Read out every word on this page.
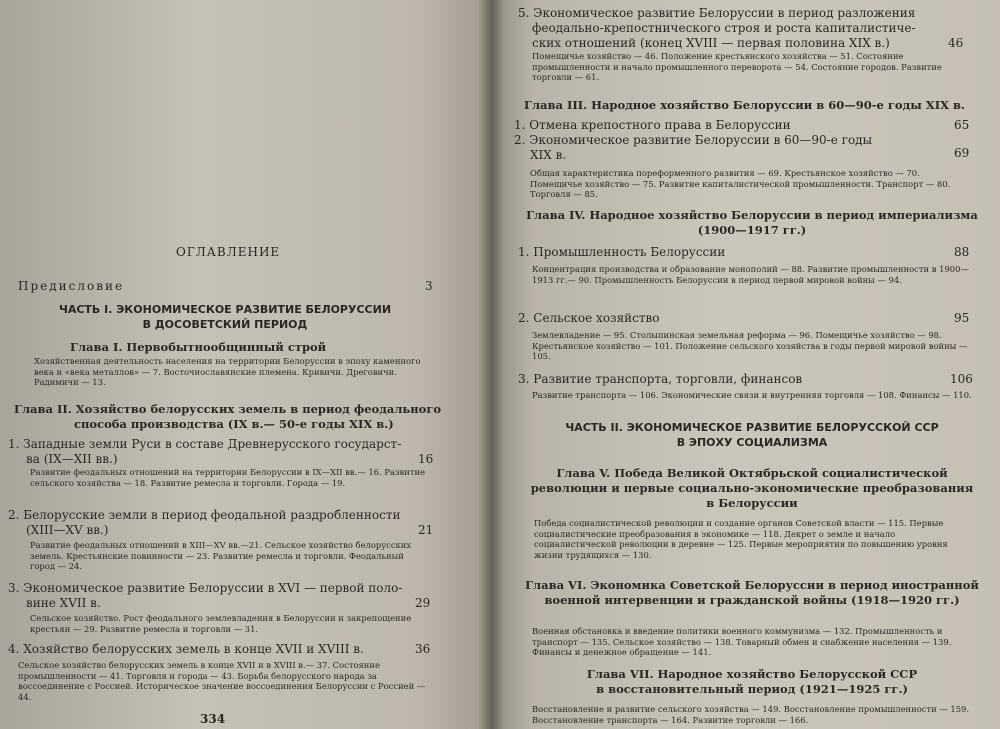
ОГЛАВЛЕНИЕ
Предисловие	3
ЧАСТЬ I. ЭКОНОМИЧЕСКОЕ РАЗВИТИЕ БЕЛОРУССИИ
В ДОСОВЕТСКИЙ ПЕРИОД
Глава I. Первобытнообщинный строй
Хозяйственная деятельность населения на территории Белоруссии в эпоху каменного века и «века металлов» — 7. Восточнославянские племена. Кривичи. Дреговичи. Радимичи — 13.
Глава II. Хозяйство белорусских земель в период феодального
способа производства (IX в.— 50-е годы XIX в.)
1. Западные земли Руси в составе Древнерусского государст-
ва (IX—XII вв.)	16
Развитие феодальных отношений на территории Белоруссии в IX—XII вв.— 16. Развитие сельского хозяйства — 18. Развитие ремесла и торговли. Города — 19.
2. Белорусские земли в период феодальной раздробленности
(XIII—XV вв.)	21
Развитие феодальных отношений в XIII—XV вв.—21. Сельское хозяйство белорусских земель. Крестьянские повинности — 23. Развитие ремесла и торговли. Феодальный город — 24.
3. Экономическое развитие Белоруссии в XVI — первой поло-
вине XVII в.	29
Сельское хозяйство. Рост феодального землевладения в Белоруссии и закрепощение крестьян — 29. Развитие ремесла и торговли — 31.
4. Хозяйство белорусских земель в конце XVII и XVIII в.	36
Сельское хозяйство белорусских земель в конце XVII и в XVIII в.— 37. Состояние промышленности — 41. Торговля и города — 43. Борьба белорусского народа за воссоединение с Россией. Историческое значение воссоединения Белоруссии с Россией — 44.
334
5. Экономическое развитие Белоруссии в период разложения
феодально-крепостнического строя и роста капиталистиче-
ских отношений (конец XVIII — первая половина XIX в.)	46
Помещичье хозяйство — 46. Положение крестьянского хозяйства — 51. Состояние промышленности и начало промышленного переворота — 54. Состояние городов. Развитие торговли — 61.
Глава III. Народное хозяйство Белоруссии в 60—90-е годы XIX в.
1. Отмена крепостного права в Белоруссии	65
2. Экономическое развитие Белоруссии в 60—90-е годы
XIX в.	69
Общая характеристика пореформенного развития — 69. Крестьянское хозяйство — 70. Помещичье хозяйство — 75. Развитие капиталистической промышленности. Транспорт — 80. Торговля — 85.
Глава IV. Народное хозяйство Белоруссии в период империализма
(1900—1917 гг.)
1. Промышленность Белоруссии	88
Концентрация производства и образование монополий — 88. Развитие промышленности в 1900—1913 гг.— 90. Промышленность Белоруссии в период первой мировой войны — 94.
2. Сельское хозяйство	95
Землевладение — 95. Столыпинская земельная реформа — 96. Помещичье хозяйство — 98. Крестьянское хозяйство — 101. Положение сельского хозяйства в годы первой мировой войны — 105.
3. Развитие транспорта, торговли, финансов	106
Развитие транспорта — 106. Экономические связи и внутренняя торговля — 108. Финансы — 110.
ЧАСТЬ II. ЭКОНОМИЧЕСКОЕ РАЗВИТИЕ БЕЛОРУССКОЙ ССР
В ЭПОХУ СОЦИАЛИЗМА
Глава V. Победа Великой Октябрьской социалистической
революции и первые социально-экономические преобразования
в Белоруссии
Победа социалистической революции и создание органов Советской власти — 115. Первые социалистические преобразования в экономике — 118. Декрет о земле и начало социалистической революции в деревне — 125. Первые мероприятия по повышению уровня жизни трудящихся — 130.
Глава VI. Экономика Советской Белоруссии в период иностранной
военной интервенции и гражданской войны (1918—1920 гг.)
Военная обстановка и введение политики военного коммунизма — 132. Промышленность и транспорт — 135. Сельское хозяйство — 138. Товарный обмен и снабжение населения — 139. Финансы и денежное обращение — 141.
Глава VII. Народное хозяйство Белорусской ССР
в восстановительный период (1921—1925 гг.)
Восстановление и развитие сельского хозяйства — 149. Восстановление промышленности — 159. Восстановление транспорта — 164. Развитие торговли — 166.
